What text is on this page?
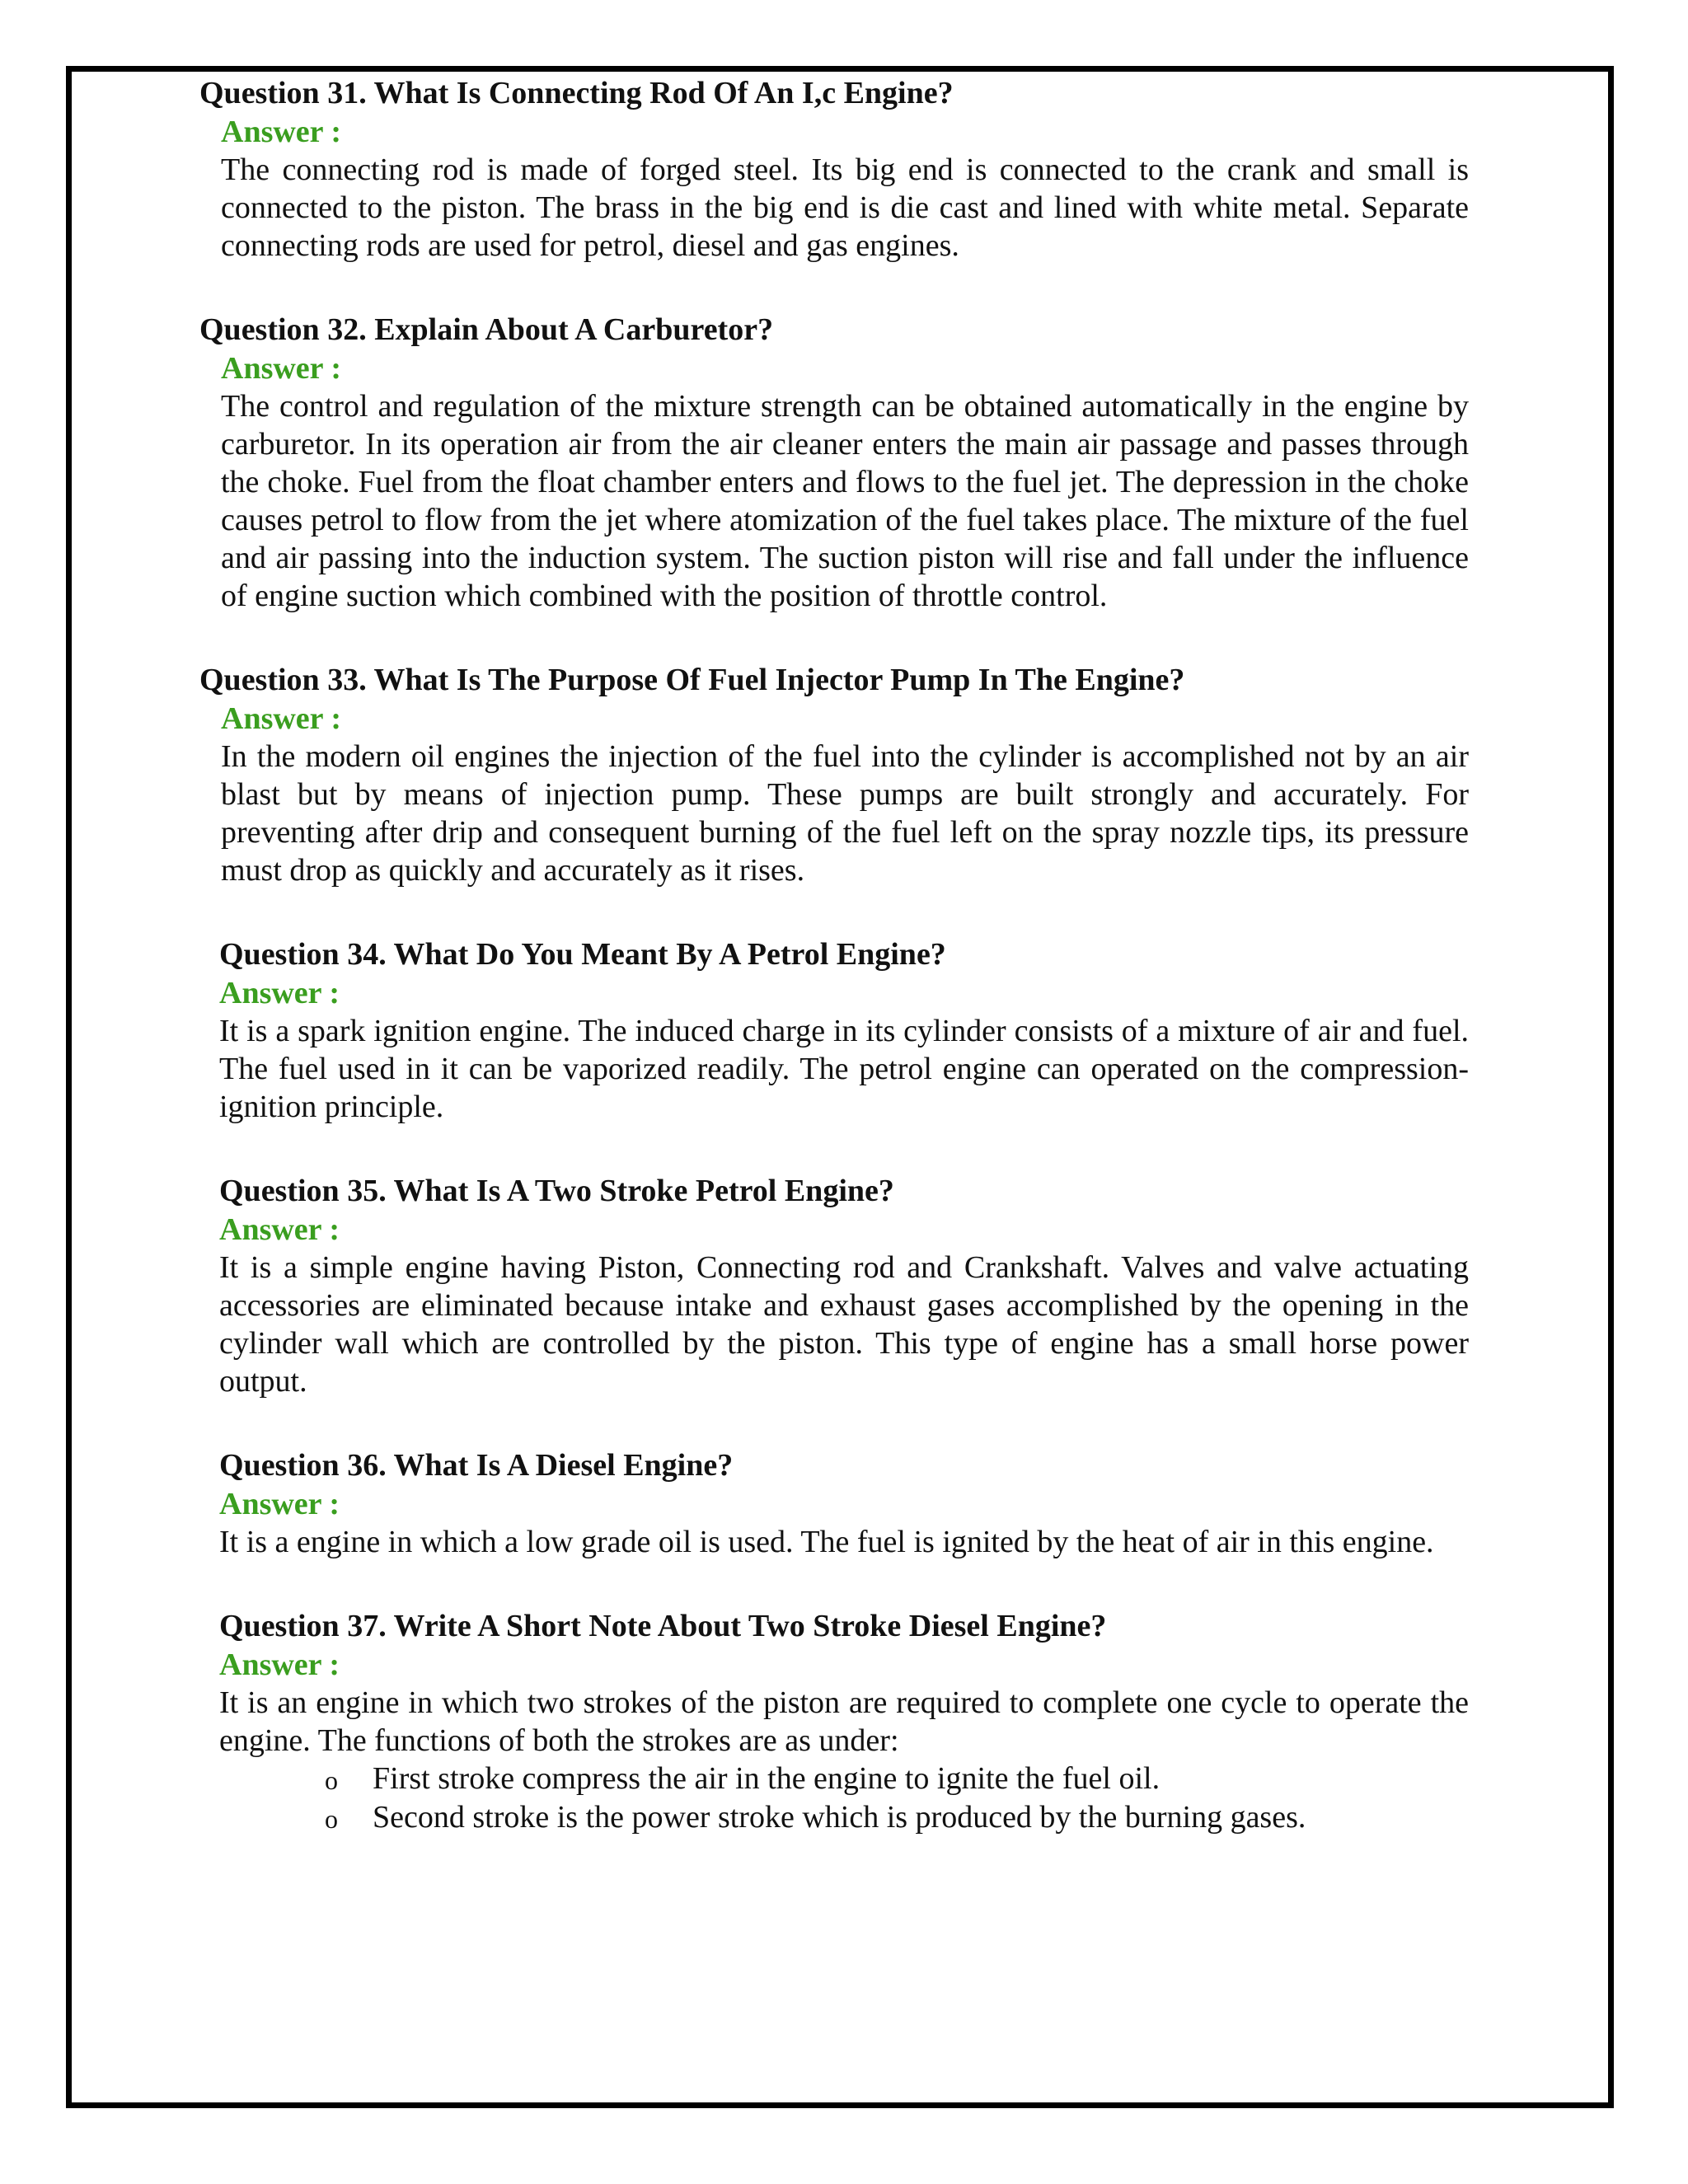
Question 31. What Is Connecting Rod Of An I,c Engine?

Answer :

The connecting rod is made of forged steel. Its big end is connected to the crank and small is connected to the piston. The brass in the big end is die cast and lined with white metal. Separate connecting rods are used for petrol, diesel and gas engines.

Question 32. Explain About A Carburetor?

Answer :

The control and regulation of the mixture strength can be obtained automatically in the engine by carburetor. In its operation air from the air cleaner enters the main air passage and passes through the choke. Fuel from the float chamber enters and flows to the fuel jet. The depression in the choke causes petrol to flow from the jet where atomization of the fuel takes place. The mixture of the fuel and air passing into the induction system. The suction piston will rise and fall under the influence of engine suction which combined with the position of throttle control.

Question 33. What Is The Purpose Of Fuel Injector Pump In The Engine?

Answer :

In the modern oil engines the injection of the fuel into the cylinder is accomplished not by an air blast but by means of injection pump. These pumps are built strongly and accurately. For preventing after drip and consequent burning of the fuel left on the spray nozzle tips, its pressure must drop as quickly and accurately as it rises.

Question 34. What Do You Meant By A Petrol Engine?

Answer :

It is a spark ignition engine. The induced charge in its cylinder consists of a mixture of air and fuel. The fuel used in it can be vaporized readily. The petrol engine can operated on the compression-ignition principle.

Question 35. What Is A Two Stroke Petrol Engine?

Answer :

It is a simple engine having Piston, Connecting rod and Crankshaft. Valves and valve actuating accessories are eliminated because intake and exhaust gases accomplished by the opening in the cylinder wall which are controlled by the piston. This type of engine has a small horse power output.

Question 36. What Is A Diesel Engine?

Answer :

It is a engine in which a low grade oil is used. The fuel is ignited by the heat of air in this engine.

Question 37. Write A Short Note About Two Stroke Diesel Engine?

Answer :

It is an engine in which two strokes of the piston are required to complete one cycle to operate the engine. The functions of both the strokes are as under:

o First stroke compress the air in the engine to ignite the fuel oil.
o Second stroke is the power stroke which is produced by the burning gases.
